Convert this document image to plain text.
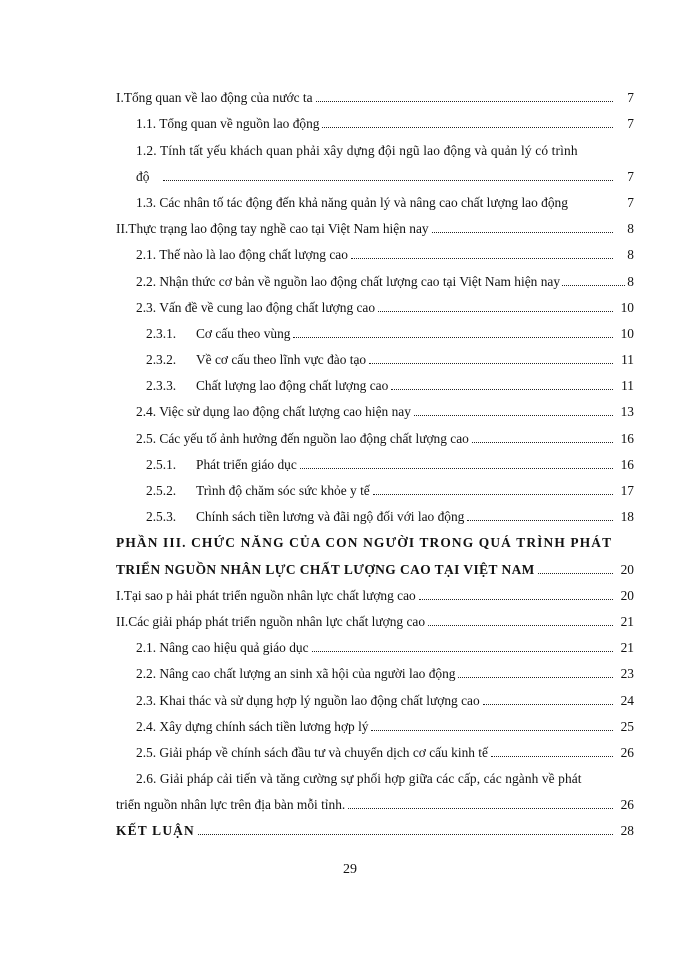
I.Tổng quan về lao động của nước ta	7
1.1. Tổng quan về nguồn lao động	7
1.2. Tính tất yếu khách quan phải xây dựng đội ngũ lao động và quản lý có trình
độ	7
1.3. Các nhân tố tác động đến khả năng quản lý và nâng cao chất lượng lao động	7
II.Thực trạng lao động tay nghề cao tại Việt Nam hiện nay	8
2.1. Thế nào là lao động chất lượng cao	8
2.2. Nhận thức cơ bản về nguồn lao động chất lượng cao tại Việt Nam hiện nay	8
2.3. Vấn đề về cung lao động chất lượng cao	10
2.3.1.	Cơ cấu theo vùng	10
2.3.2.	Về cơ cấu theo lĩnh vực đào tạo	11
2.3.3.	Chất lượng lao động chất lượng cao	11
2.4. Việc sử dụng lao động chất lượng cao hiện nay	13
2.5. Các yếu tố ảnh hưởng đến nguồn lao động chất lượng cao	16
2.5.1.	Phát triển giáo dục	16
2.5.2.	Trình độ chăm sóc sức khỏe y tế	17
2.5.3.	Chính sách tiền lương và đãi ngộ đối với lao động	18
PHẦN III. CHỨC NĂNG CỦA CON NGƯỜI TRONG QUÁ TRÌNH PHÁT
TRIỂN NGUỒN NHÂN LỰC CHẤT LƯỢNG CAO TẠI VIỆT NAM	20
I.Tại sao p hải phát triển nguồn nhân lực chất lượng cao	20
II.Các giải pháp phát triển nguồn nhân lực chất lượng cao	21
2.1. Nâng cao hiệu quả giáo dục	21
2.2. Nâng cao chất lượng an sinh xã hội của người lao động	23
2.3. Khai thác và sử dụng hợp lý nguồn lao động chất lượng cao	24
2.4. Xây dựng chính sách tiền lương hợp lý	25
2.5. Giải pháp về chính sách đầu tư và chuyển dịch cơ cấu kinh tế	26
2.6. Giải pháp cải tiến và tăng cường sự phối hợp giữa các cấp, các ngành về phát
triển nguồn nhân lực trên địa bàn mỗi tỉnh.	26
KẾT LUẬN	28
29
